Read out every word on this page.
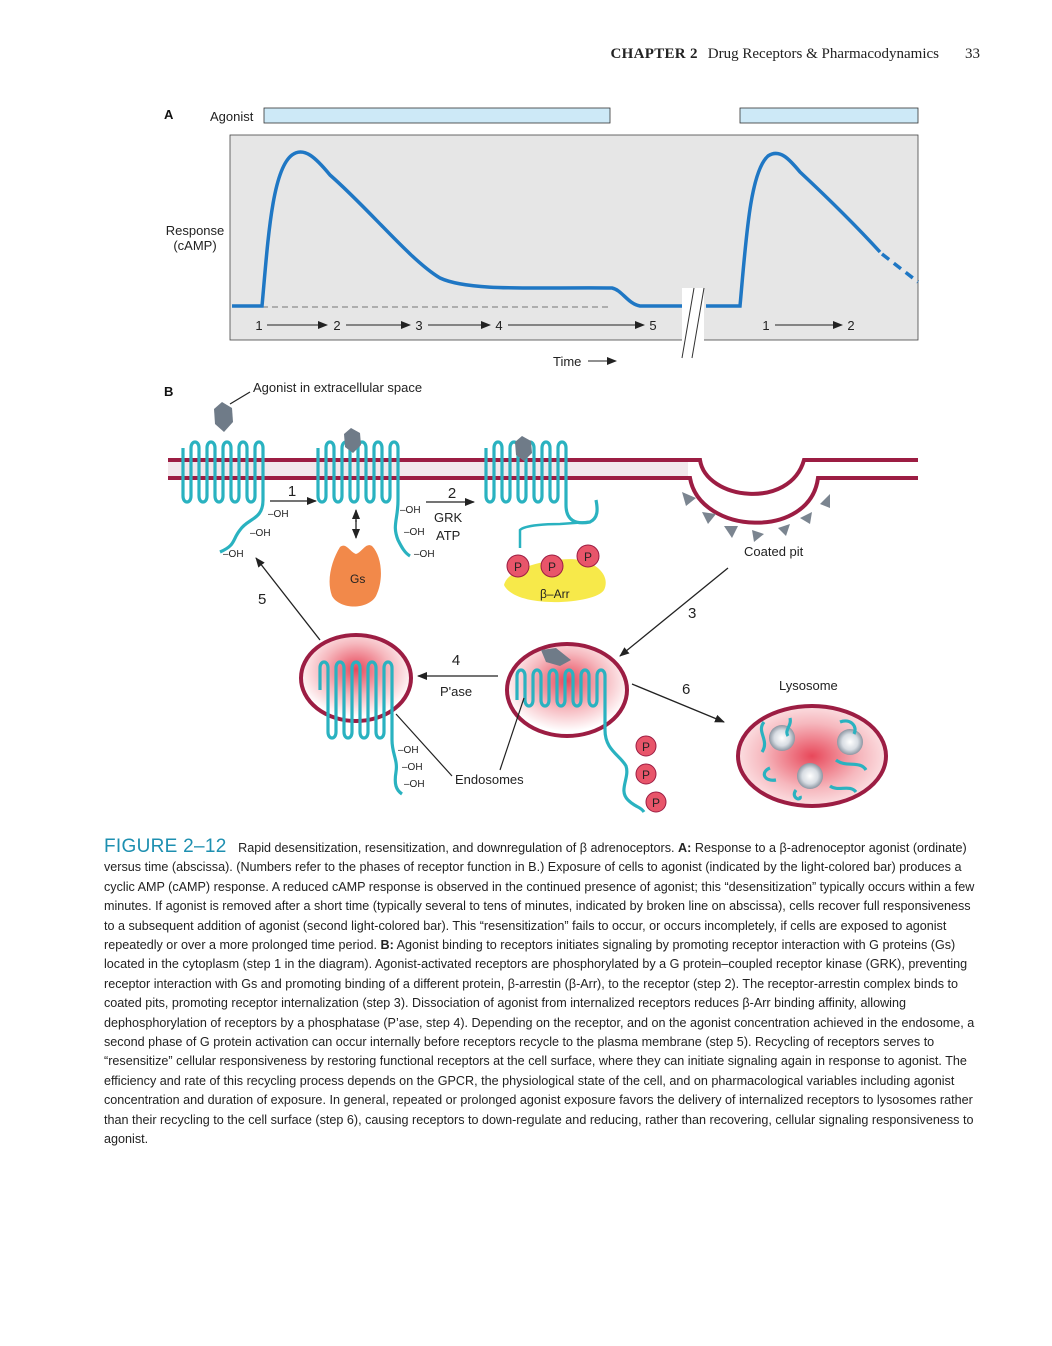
CHAPTER 2 Drug Receptors & Pharmacodynamics 33
A	Agonist
Response
(cAMP)
1	2	3	4	5	1	2
Time
B	Agonist in extracellular space
–OH
–OH
–OH
1
–OH
–OH
–OH
Gs
2
GRK
ATP
β–Arr
P P
P	Coated pit
3
P
P
P
4
P'ase
–OH
–OH
–OH
5
Endosomes
6	Lysosome
FIGURE 2–12 Rapid desensitization, resensitization, and downregulation of β adrenoceptors. A: Response to a β-adrenoceptor agonist (ordinate) versus time (abscissa). (Numbers refer to the phases of receptor function in B.) Exposure of cells to agonist (indicated by the light-colored bar) produces a cyclic AMP (cAMP) response. A reduced cAMP response is observed in the continued presence of agonist; this “desensitization” typically occurs within a few minutes. If agonist is removed after a short time (typically several to tens of minutes, indicated by broken line on abscissa), cells recover full responsiveness to a subsequent addition of agonist (second light-colored bar). This “resensitization” fails to occur, or occurs incompletely, if cells are exposed to agonist repeatedly or over a more prolonged time period. B: Agonist binding to receptors initiates signaling by promoting receptor interaction with G proteins (Gs) located in the cytoplasm (step 1 in the diagram). Agonist-activated receptors are phosphorylated by a G protein–coupled receptor kinase (GRK), preventing receptor interaction with Gs and promoting binding of a different protein, β-arrestin (β-Arr), to the receptor (step 2). The receptor-arrestin complex binds to coated pits, promoting receptor internalization (step 3). Dissociation of agonist from internalized receptors reduces β-Arr binding affinity, allowing dephosphorylation of receptors by a phosphatase (P’ase, step 4). Depending on the receptor, and on the agonist concentration achieved in the endosome, a second phase of G protein activation can occur internally before receptors recycle to the plasma membrane (step 5). Recycling of receptors serves to “resensitize” cellular responsiveness by restoring functional receptors at the cell surface, where they can initiate signaling again in response to agonist. The efficiency and rate of this recycling process depends on the GPCR, the physiological state of the cell, and on pharmacological variables including agonist concentration and duration of exposure. In general, repeated or prolonged agonist exposure favors the delivery of internalized receptors to lysosomes rather than their recycling to the cell surface (step 6), causing receptors to down-regulate and reducing, rather than recovering, cellular signaling responsiveness to agonist.
